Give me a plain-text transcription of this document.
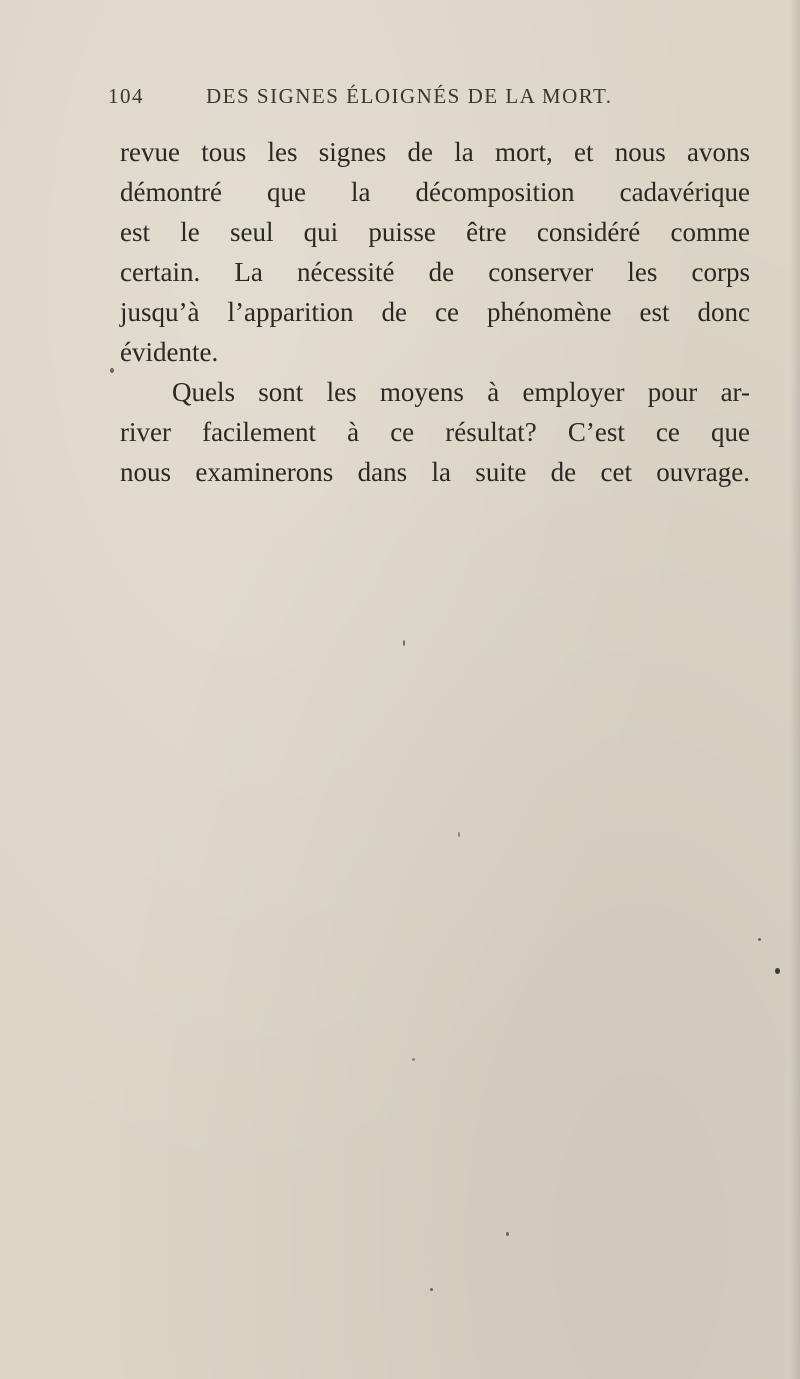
104	DES SIGNES ÉLOIGNÉS DE LA MORT.
revue tous les signes de la mort, et nous avons
démontré que la décomposition cadavérique
est le seul qui puisse être considéré comme
certain. La nécessité de conserver les corps
jusqu’à l’apparition de ce phénomène est donc
évidente.
Quels sont les moyens à employer pour ar-
river facilement à ce résultat? C’est ce que
nous examinerons dans la suite de cet ouvrage.
